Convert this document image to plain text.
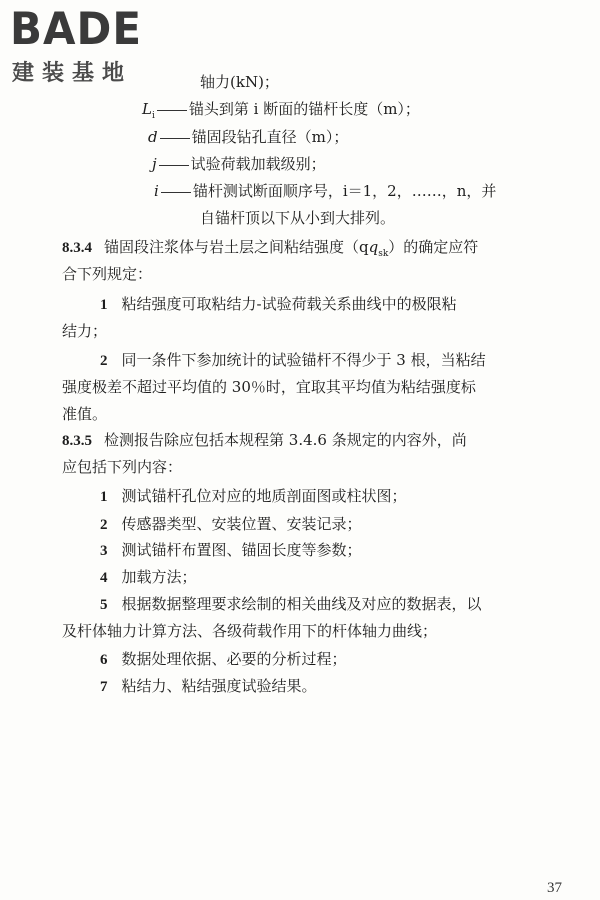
BADE
建装基地	轴力(kN)；
$L_i$ 锚头到第 i 断面的锚杆长度（m）；
d 锚固段钻孔直径（m）；
j 试验荷载加载级别；
i 锚杆测试断面顺序号，i＝1，2，……，n，并
自锚杆顶以下从小到大排列。
8.3.4 锚固段注浆体与岩土层之间粘结强度$(qq_{sk})$的确定应符
合下列规定：
1 粘结强度可取粘结力-试验荷载关系曲线中的极限粘
结力；
2 同一条件下参加统计的试验锚杆不得少于 3 根，当粘结
强度极差不超过平均值的 30％时，宜取其平均值为粘结强度标
准值。
8.3.5 检测报告除应包括本规程第 3.4.6 条规定的内容外，尚
应包括下列内容：
1 测试锚杆孔位对应的地质剖面图或柱状图；
2 传感器类型、安装位置、安装记录；
3 测试锚杆布置图、锚固长度等参数；
4 加载方法；
5 根据数据整理要求绘制的相关曲线及对应的数据表，以
及杆体轴力计算方法、各级荷载作用下的杆体轴力曲线；
6 数据处理依据、必要的分析过程；
7 粘结力、粘结强度试验结果。
37
